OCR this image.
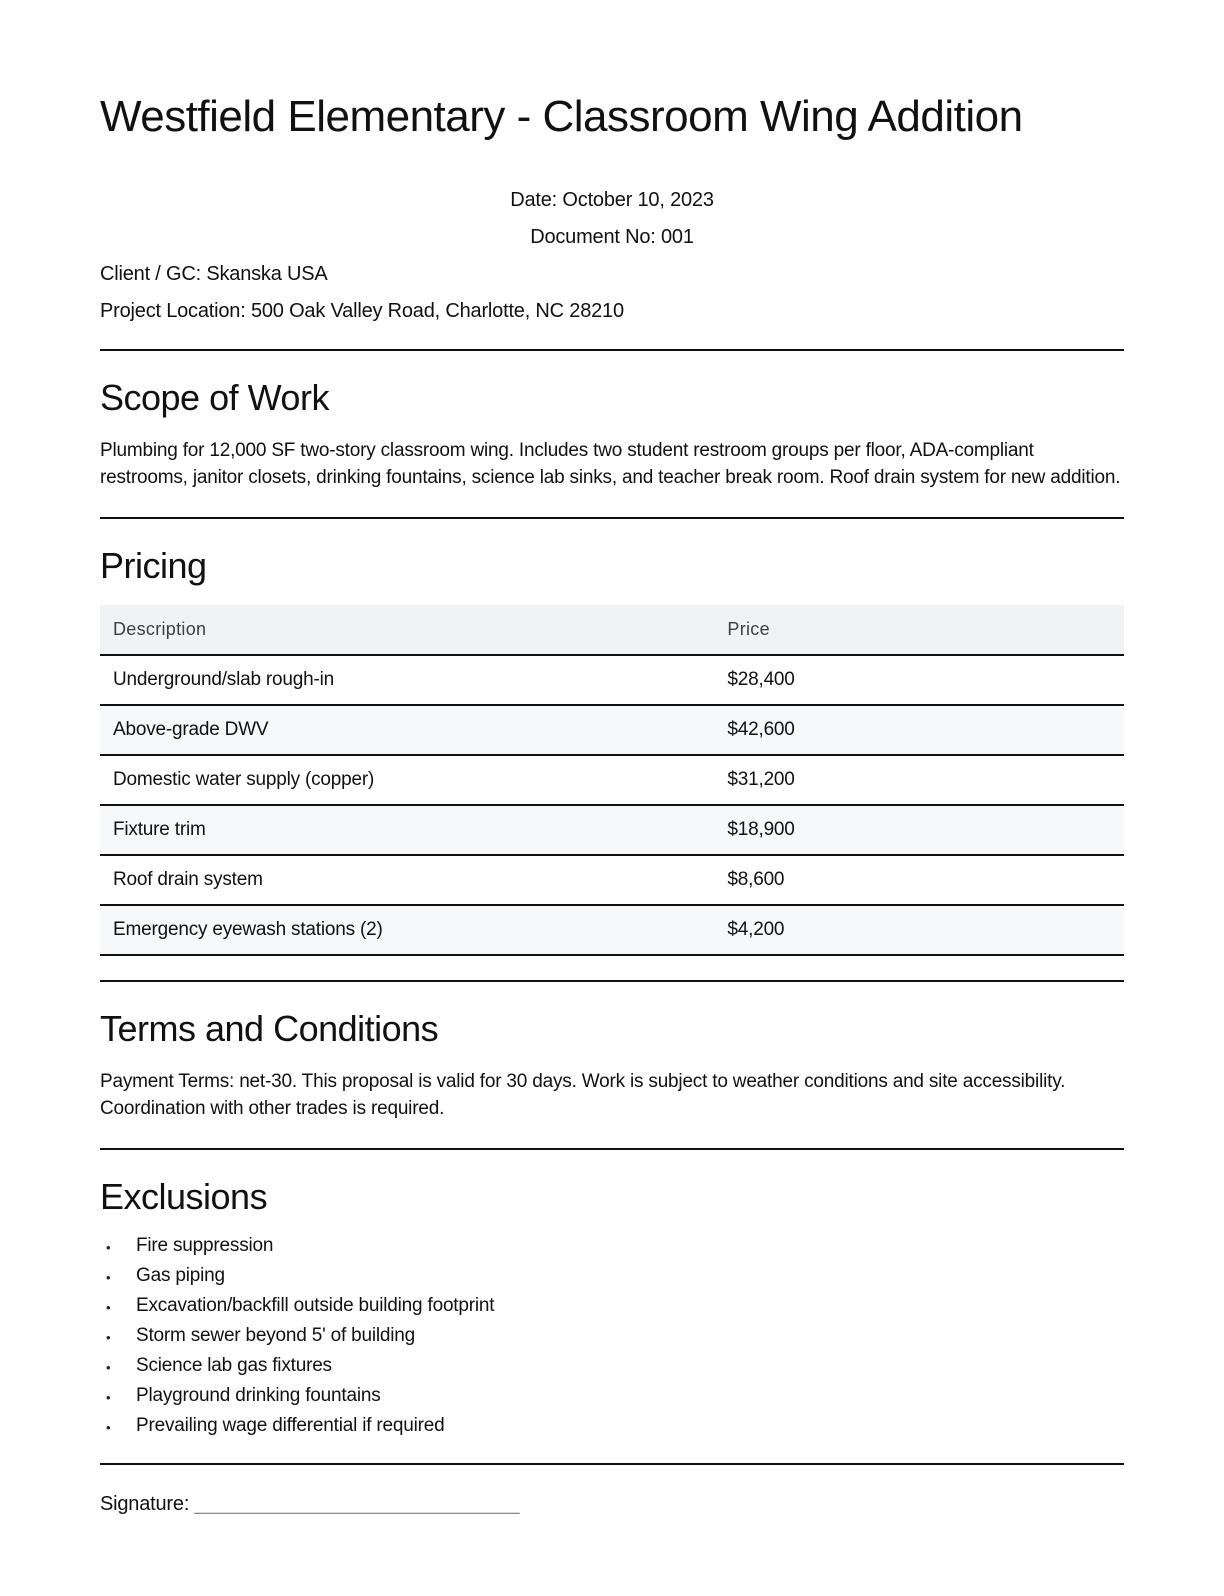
Westfield Elementary - Classroom Wing Addition

Date: October 10, 2023

Document No: 001

Client / GC: Skanska USA

Project Location: 500 Oak Valley Road, Charlotte, NC 28210

Scope of Work

Plumbing for 12,000 SF two-story classroom wing. Includes two student restroom groups per floor, ADA-compliant restrooms, janitor closets, drinking fountains, science lab sinks, and teacher break room. Roof drain system for new addition.

Pricing
Description	Price
Underground/slab rough-in	$28,400
Above-grade DWV	$42,600
Domestic water supply (copper)	$31,200
Fixture trim	$18,900
Roof drain system	$8,600
Emergency eyewash stations (2)	$4,200
Terms and Conditions

Payment Terms: net-30. This proposal is valid for 30 days. Work is subject to weather conditions and site accessibility. Coordination with other trades is required.

Exclusions
• Fire suppression
• Gas piping
• Excavation/backfill outside building footprint
• Storm sewer beyond 5' of building
• Science lab gas fixtures
• Playground drinking fountains
• Prevailing wage differential if required

Signature: ____________________________
